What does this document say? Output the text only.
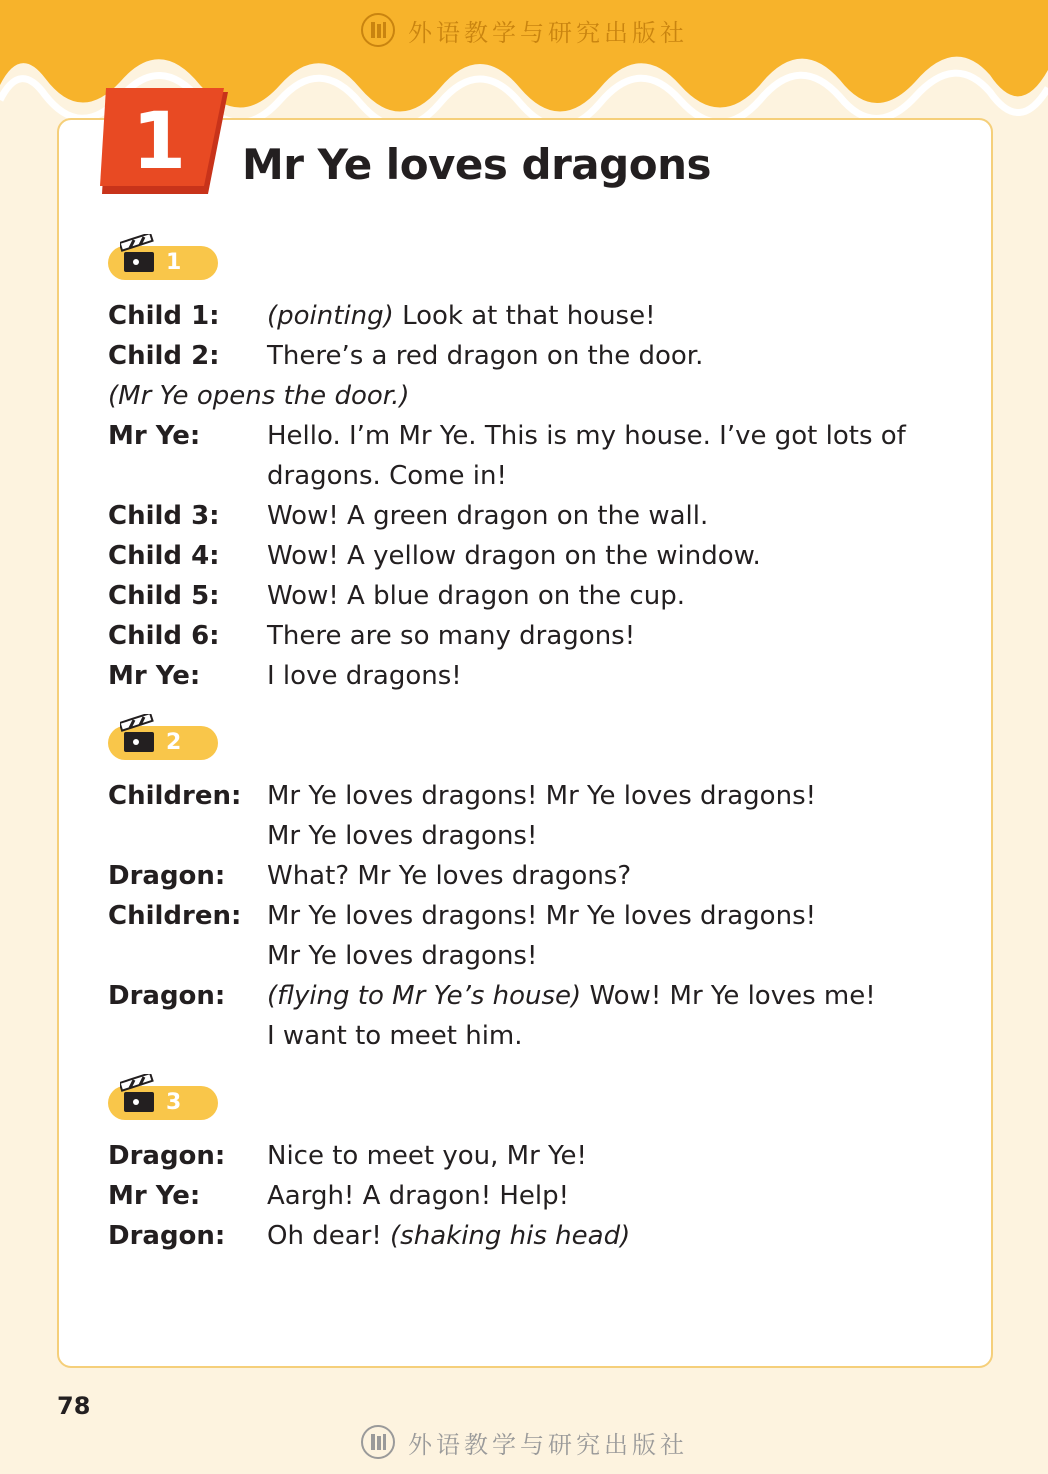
外语教学与研究出版社
1	Mr Ye loves dragons
1
Child 1: (pointing) Look at that house!
Child 2: There’s a red dragon on the door.
(Mr Ye opens the door.)
Mr Ye:	Hello. I’m Mr Ye. This is my house. I’ve got lots of
dragons. Come in!
Child 3: Wow! A green dragon on the wall.
Child 4: Wow! A yellow dragon on the window.
Child 5: Wow! A blue dragon on the cup.
Child 6: There are so many dragons!
Mr Ye:	I love dragons!
2
Children: Mr Ye loves dragons! Mr Ye loves dragons!
Mr Ye loves dragons!
Dragon: What? Mr Ye loves dragons?
Children: Mr Ye loves dragons! Mr Ye loves dragons!
Mr Ye loves dragons!
Dragon: (flying to Mr Ye’s house) Wow! Mr Ye loves me!
I want to meet him.
3
Dragon: Nice to meet you, Mr Ye!
Mr Ye:	Aargh! A dragon! Help!
Dragon: Oh dear! (shaking his head)
78
外语教学与研究出版社
